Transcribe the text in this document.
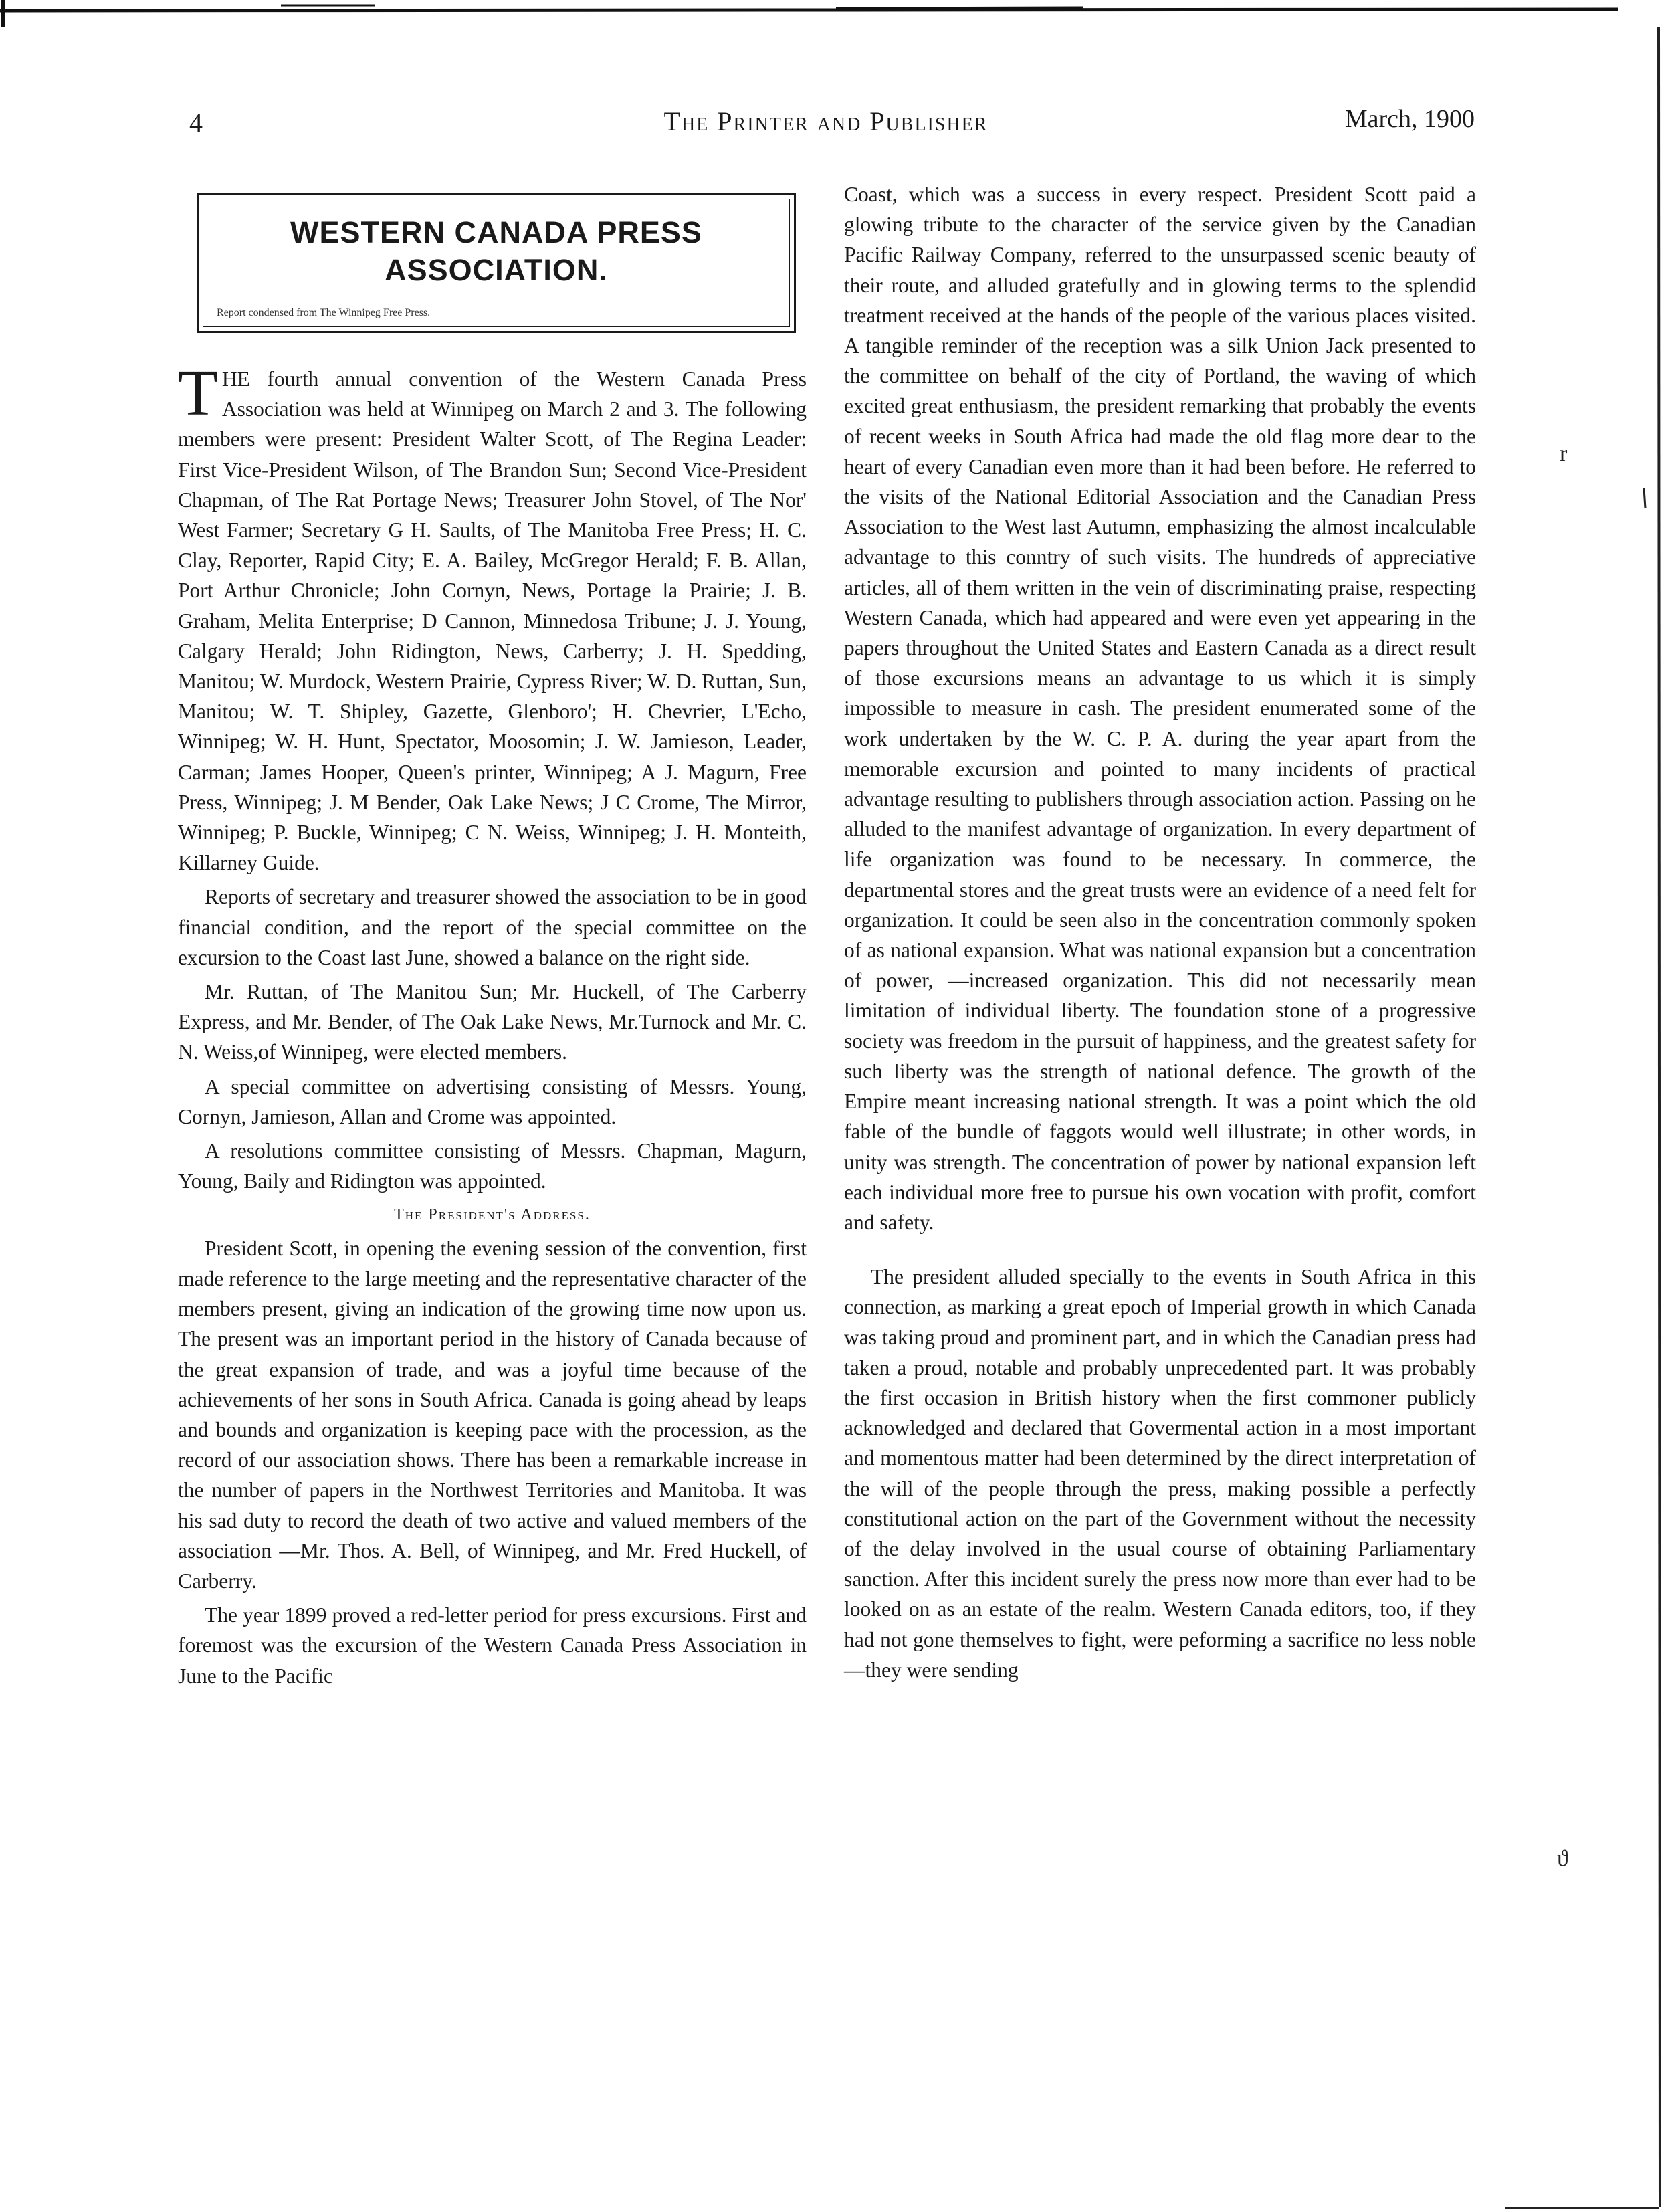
4	The Printer and Publisher	March, 1900
WESTERN CANADA PRESS ASSOCIATION.
Report condensed from The Winnipeg Free Press.

THE fourth annual convention of the Western Canada Press Association was held at Winnipeg on March 2 and 3. The following members were present: President Walter Scott, of The Regina Leader: First Vice-President Wilson, of The Brandon Sun; Second Vice-President Chapman, of The Rat Portage News; Treasurer John Stovel, of The Nor' West Farmer; Secretary G H. Saults, of The Manitoba Free Press; H. C. Clay, Reporter, Rapid City; E. A. Bailey, McGregor Herald; F. B. Allan, Port Arthur Chronicle; John Cornyn, News, Portage la Prairie; J. B. Graham, Melita Enterprise; D Cannon, Minnedosa Tribune; J. J. Young, Calgary Herald; John Ridington, News, Carberry; J. H. Spedding, Manitou; W. Murdock, Western Prairie, Cypress River; W. D. Ruttan, Sun, Manitou; W. T. Shipley, Gazette, Glenboro'; H. Chevrier, L'Echo, Winnipeg; W. H. Hunt, Spectator, Moosomin; J. W. Jamieson, Leader, Carman; James Hooper, Queen's printer, Winnipeg; A J. Magurn, Free Press, Winnipeg; J. M Bender, Oak Lake News; J C Crome, The Mirror, Winnipeg; P. Buckle, Winnipeg; C N. Weiss, Winnipeg; J. H. Monteith, Killarney Guide.

Reports of secretary and treasurer showed the association to be in good financial condition, and the report of the special committee on the excursion to the Coast last June, showed a balance on the right side.

Mr. Ruttan, of The Manitou Sun; Mr. Huckell, of The Carberry Express, and Mr. Bender, of The Oak Lake News, Mr.Turnock and Mr. C. N. Weiss,of Winnipeg, were elected members.

A special committee on advertising consisting of Messrs. Young, Cornyn, Jamieson, Allan and Crome was appointed.

A resolutions committee consisting of Messrs. Chapman, Magurn, Young, Baily and Ridington was appointed.

The President's Address.

President Scott, in opening the evening session of the convention, first made reference to the large meeting and the representative character of the members present, giving an indication of the growing time now upon us. The present was an important period in the history of Canada because of the great expansion of trade, and was a joyful time because of the achievements of her sons in South Africa. Canada is going ahead by leaps and bounds and organization is keeping pace with the procession, as the record of our association shows. There has been a remarkable increase in the number of papers in the Northwest Territories and Manitoba. It was his sad duty to record the death of two active and valued members of the association —Mr. Thos. A. Bell, of Winnipeg, and Mr. Fred Huckell, of Carberry.

The year 1899 proved a red-letter period for press excursions. First and foremost was the excursion of the Western Canada Press Association in June to the Pacific

Coast, which was a success in every respect. President Scott paid a glowing tribute to the character of the service given by the Canadian Pacific Railway Company, referred to the unsurpassed scenic beauty of their route, and alluded gratefully and in glowing terms to the splendid treatment received at the hands of the people of the various places visited. A tangible reminder of the reception was a silk Union Jack presented to the committee on behalf of the city of Portland, the waving of which excited great enthusiasm, the president remarking that probably the events of recent weeks in South Africa had made the old flag more dear to the heart of every Canadian even more than it had been before. He referred to the visits of the National Editorial Association and the Canadian Press Association to the West last Autumn, emphasizing the almost incalculable advantage to this conntry of such visits. The hundreds of appreciative articles, all of them written in the vein of discriminating praise, respecting Western Canada, which had appeared and were even yet appearing in the papers throughout the United States and Eastern Canada as a direct result of those excursions means an advantage to us which it is simply impossible to measure in cash. The president enumerated some of the work undertaken by the W. C. P. A. during the year apart from the memorable excursion and pointed to many incidents of practical advantage resulting to publishers through association action. Passing on he alluded to the manifest advantage of organization. In every department of life organization was found to be necessary. In commerce, the departmental stores and the great trusts were an evidence of a need felt for organization. It could be seen also in the concentration commonly spoken of as national expansion. What was national expansion but a concentration of power, —increased organization. This did not necessarily mean limitation of individual liberty. The foundation stone of a progressive society was freedom in the pursuit of happiness, and the greatest safety for such liberty was the strength of national defence. The growth of the Empire meant increasing national strength. It was a point which the old fable of the bundle of faggots would well illustrate; in other words, in unity was strength. The concentration of power by national expansion left each individual more free to pursue his own vocation with profit, comfort and safety.

The president alluded specially to the events in South Africa in this connection, as marking a great epoch of Imperial growth in which Canada was taking proud and prominent part, and in which the Canadian press had taken a proud, notable and probably unprecedented part. It was probably the first occasion in British history when the first commoner publicly acknowledged and declared that Govermental action in a most important and momentous matter had been determined by the direct interpretation of the will of the people through the press, making possible a perfectly constitutional action on the part of the Government without the necessity of the delay involved in the usual course of obtaining Parliamentary sanction. After this incident surely the press now more than ever had to be looked on as an estate of the realm. Western Canada editors, too, if they had not gone themselves to fight, were peforming a sacrifice no less noble—they were sending

r
ϑ
